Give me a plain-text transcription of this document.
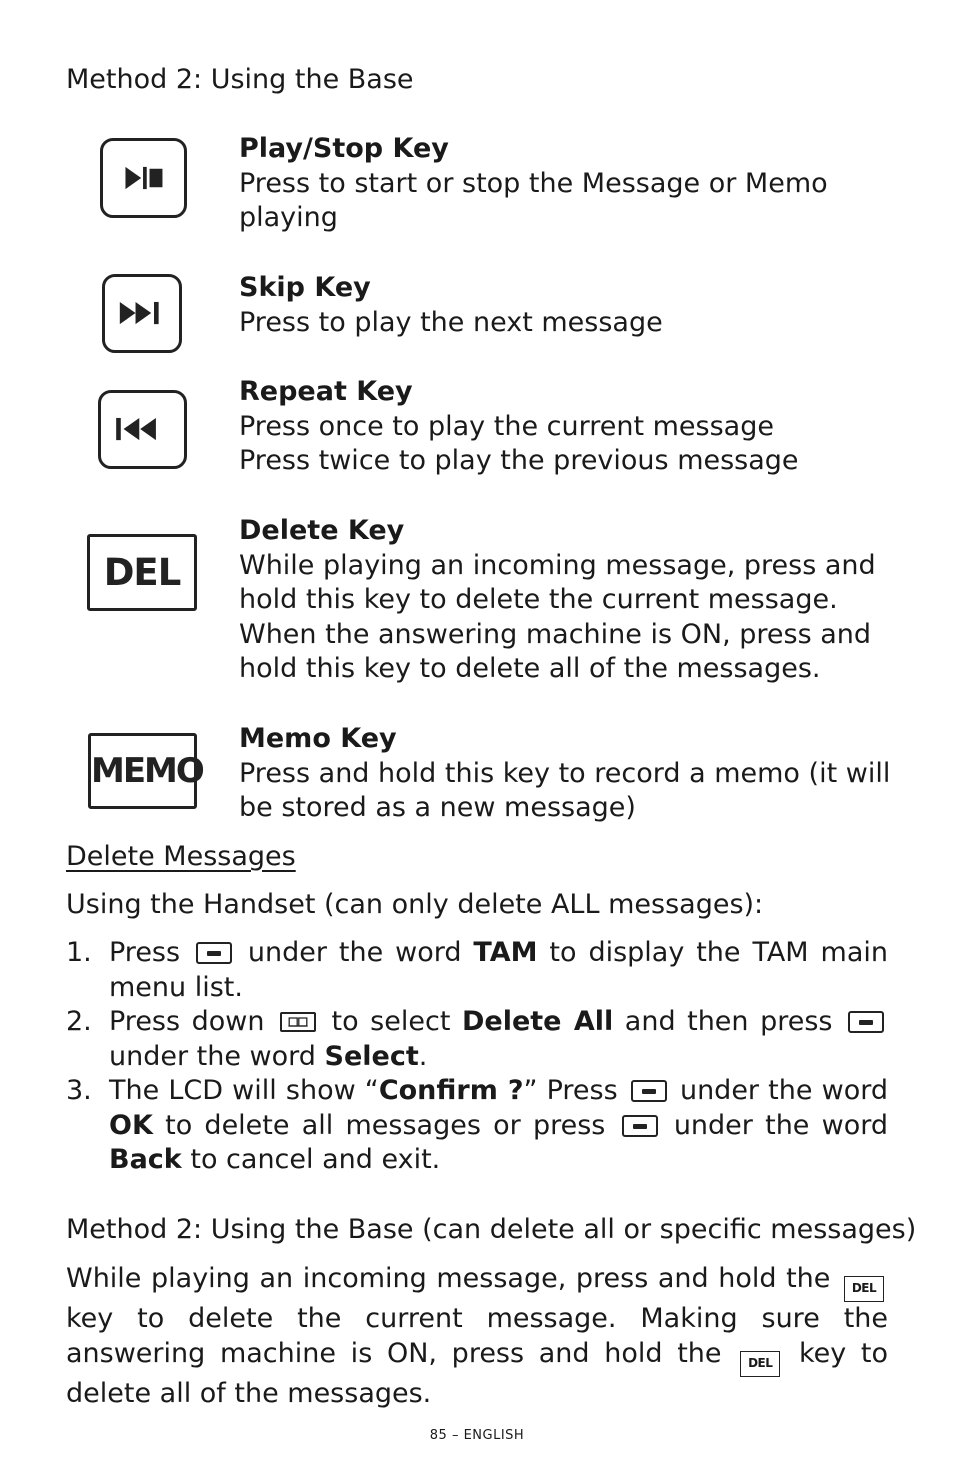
Method 2: Using the Base
Play/Stop Key
Press to start or stop the Message or Memo
playing
Skip Key
Press to play the next message
Repeat Key
Press once to play the current message
Press twice to play the previous message
DEL
Delete Key
While playing an incoming message, press and
hold this key to delete the current message.
When the answering machine is ON, press and
hold this key to delete all of the messages.
MEMO
Memo Key
Press and hold this key to record a memo (it will
be stored as a new message)
Delete Messages
Using the Handset (can only delete ALL messages):
1. Press	under the word TAM to display the TAM main menu list.
2. Press down to select Delete All and then press  under the word Select.
3. The LCD will show “Confirm ?” Press under the word OK to delete all messages or press	under the word Back to cancel and exit.
Method 2: Using the Base (can delete all or specific messages)
While playing an incoming message, press and hold the DEL key to delete the current message. Making sure the answering machine is ON, press and hold the DEL key to delete all of the messages.
85 – ENGLISH
